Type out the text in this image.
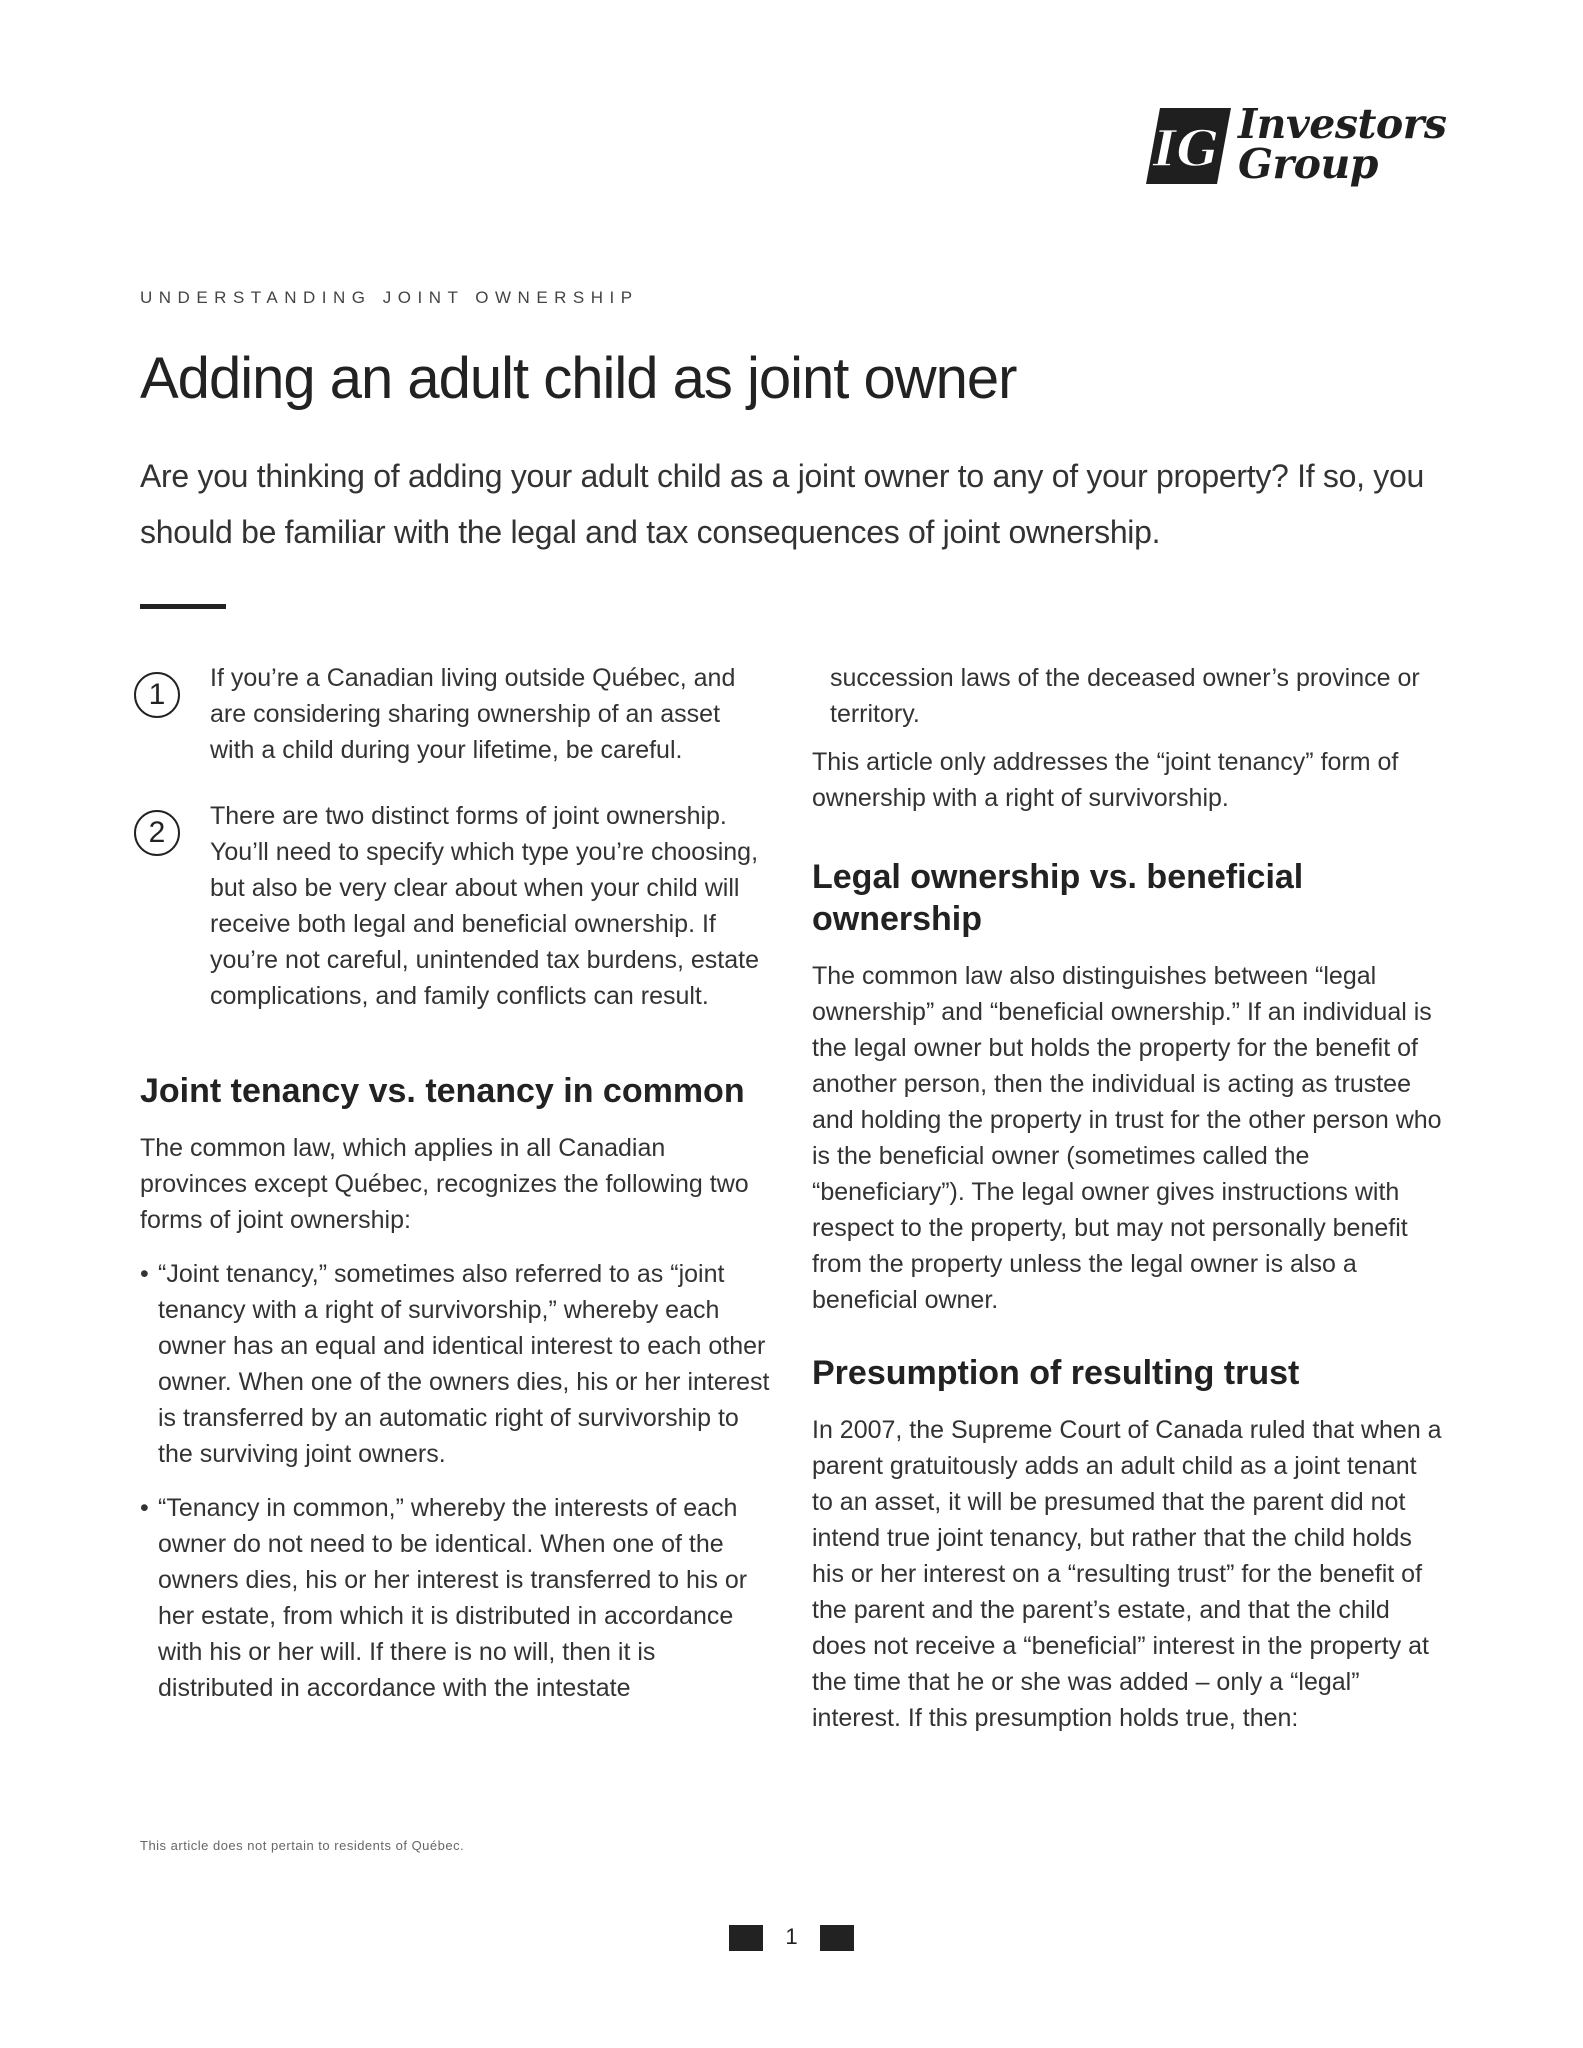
IG Investors
Group
UNDERSTANDING JOINT OWNERSHIP
Adding an adult child as joint owner

Are you thinking of adding your adult child as a joint owner to any of your property? If so, you should be familiar with the legal and tax consequences of joint ownership.

1	If you’re a Canadian living outside Québec, and are considering sharing ownership of an asset with a child during your lifetime, be careful.

2	There are two distinct forms of joint ownership. You’ll need to specify which type you’re choosing, but also be very clear about when your child will receive both legal and beneficial ownership. If you’re not careful, unintended tax burdens, estate complications, and family conflicts can result.

Joint tenancy vs. tenancy in common

The common law, which applies in all Canadian provinces except Québec, recognizes the following two forms of joint ownership:

• “Joint tenancy,” sometimes also referred to as “joint tenancy with a right of survivorship,” whereby each owner has an equal and identical interest to each other owner. When one of the owners dies, his or her interest is transferred by an automatic right of survivorship to the surviving joint owners.
• “Tenancy in common,” whereby the interests of each owner do not need to be identical. When one of the owners dies, his or her interest is transferred to his or her estate, from which it is distributed in accordance with his or her will. If there is no will, then it is distributed in accordance with the intestate

succession laws of the deceased owner’s province or territory.

This article only addresses the “joint tenancy” form of ownership with a right of survivorship.

Legal ownership vs. beneficial ownership

The common law also distinguishes between “legal ownership” and “beneficial ownership.” If an individual is the legal owner but holds the property for the benefit of another person, then the individual is acting as trustee and holding the property in trust for the other person who is the beneficial owner (sometimes called the “beneficiary”). The legal owner gives instructions with respect to the property, but may not personally benefit from the property unless the legal owner is also a beneficial owner.

Presumption of resulting trust

In 2007, the Supreme Court of Canada ruled that when a parent gratuitously adds an adult child as a joint tenant to an asset, it will be presumed that the parent did not intend true joint tenancy, but rather that the child holds his or her interest on a “resulting trust” for the benefit of the parent and the parent’s estate, and that the child does not receive a “beneficial” interest in the property at the time that he or she was added – only a “legal” interest. If this presumption holds true, then:

This article does not pertain to residents of Québec.
1
